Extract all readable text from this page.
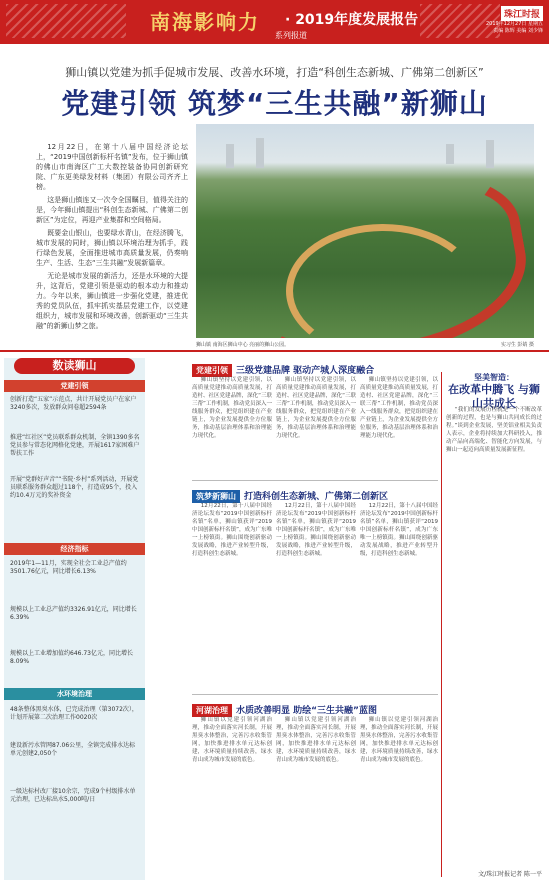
南海影响力 · 2019年度发展报告
系列报道
珠江时报
2019年12月27日 星期五
责编 陈辉 美编 刘少锋
狮山镇以党建为抓手促城市发展、改善水环境，打造“科创生态新城、广佛第二创新区”
党建引领 筑梦“三生共融”新狮山

12月22日，在第十八届中国经济论坛上，“2019中国创新标杆名镇”发布，位于狮山镇的佛山市南海区广工大数控装备协同创新研究院、广东更美绿发材料（集团）有限公司齐齐上榜。

这是狮山镇连又一次令全国瞩目，值得关注的是，今年狮山镇提出“科创生态新城、广佛第二创新区”为定位，再迎产业集群和空间格局。

既要金山银山，也要绿水青山，在经济腾飞，城市发展的同时，狮山镇以环境治理为抓手，践行绿色发展，全面推进城市高质量发展，仍奏响生产、生活、生态“三生共融”发展新篇章。

无论是城市发展的新活力，还是水环境的大提升，这背后，党建引领是驱动的根本动力和推动力。今年以来，狮山镇进一步强化党建，推进优秀的党员队伍，抓牢抓实基层党建工作，以党建组织力，城市发展和环境改善，创新驱动“三生共融”的新狮山梦之旅。

狮山镇 南海区狮山中心 亮丽的狮山公园。	实习生 彭婧 摄
数读狮山
党建引领
创新打造“五家”示范点，共计开展党员户在家户3240多次，发放群众问卷超2594条
推进“红社区”党员联系群众机制，全镇1390多名党员参与常态化网格化党建，开展1617家困难户帮扶工作
开展“党群好声音”“书院·乡村”系列活动，开展党员联系服务群众超过118个，打造成95个，投入约10.4万元的奖补资金
经济指标
2019年1—11月，实现全社会工业总产值约3501.76亿元，同比增长6.13%
规模以上工业总产值约3326.91亿元，同比增长6.39%
规模以上工业增加值约646.73亿元，同比增长8.09%
水环境治理
48条整体黑臭水体，已完成治理（第3072次），计划开展第二次治理工作0020次
建设新污水管网87.06公里，全镇完成排水达标单元创建2,050个
一级达标村改厂接10余宗，完成9个村级排水单元治理，已达标出水5,000吨/日
党建引领 三级党建品牌 驱动产城人深度融合

狮山镇坚持以党建引领，以高质量党建推动高质量发展，打造村、社区党建品牌，深化“三联三帮”工作机制，推动党员深入一线服务群众，把党组织建在产业链上，为企业发展提供全方位服务，推动基层治理体系和治理能力现代化。

狮山镇坚持以党建引领，以高质量党建推动高质量发展，打造村、社区党建品牌，深化“三联三帮”工作机制，推动党员深入一线服务群众，把党组织建在产业链上，为企业发展提供全方位服务，推动基层治理体系和治理能力现代化。

狮山镇坚持以党建引领，以高质量党建推动高质量发展，打造村、社区党建品牌，深化“三联三帮”工作机制，推动党员深入一线服务群众，把党组织建在产业链上，为企业发展提供全方位服务，推动基层治理体系和治理能力现代化。

筑梦新狮山 打造科创生态新城、广佛第二创新区

12月22日，第十八届中国经济论坛发布“2019中国创新标杆名镇”名单，狮山镇获评“2019中国创新标杆名镇”，成为广东唯一上榜镇街。狮山围绕创新驱动发展战略，推进产业转型升级，打造科创生态新城。

12月22日，第十八届中国经济论坛发布“2019中国创新标杆名镇”名单，狮山镇获评“2019中国创新标杆名镇”，成为广东唯一上榜镇街。狮山围绕创新驱动发展战略，推进产业转型升级，打造科创生态新城。

12月22日，第十八届中国经济论坛发布“2019中国创新标杆名镇”名单，狮山镇获评“2019中国创新标杆名镇”，成为广东唯一上榜镇街。狮山围绕创新驱动发展战略，推进产业转型升级，打造科创生态新城。

河湖治理 水质改善明显 助绘“三生共融”蓝图

狮山镇以党建引领河湖治理，推动全面落实河长制，开展黑臭水体整治，完善污水收集管网，加快推进排水单元达标创建，水环境质量持续改善，绿水青山成为城市发展的底色。

狮山镇以党建引领河湖治理，推动全面落实河长制，开展黑臭水体整治，完善污水收集管网，加快推进排水单元达标创建，水环境质量持续改善，绿水青山成为城市发展的底色。

狮山镇以党建引领河湖治理，推动全面落实河长制，开展黑臭水体整治，完善污水收集管网，加快推进排水单元达标创建，水环境质量持续改善，绿水青山成为城市发展的底色。

坚美智造：
在改革中腾飞 与狮山共成长

“我们的发展历程就是一个不断改革创新的过程，也是与狮山共同成长的过程。”谈到企业发展，坚美铝业相关负责人表示，企业将持续加大科研投入，推动产品向高端化、智能化方向发展，与狮山一起迈向高质量发展新征程。

文/珠江时报记者 陈一平
